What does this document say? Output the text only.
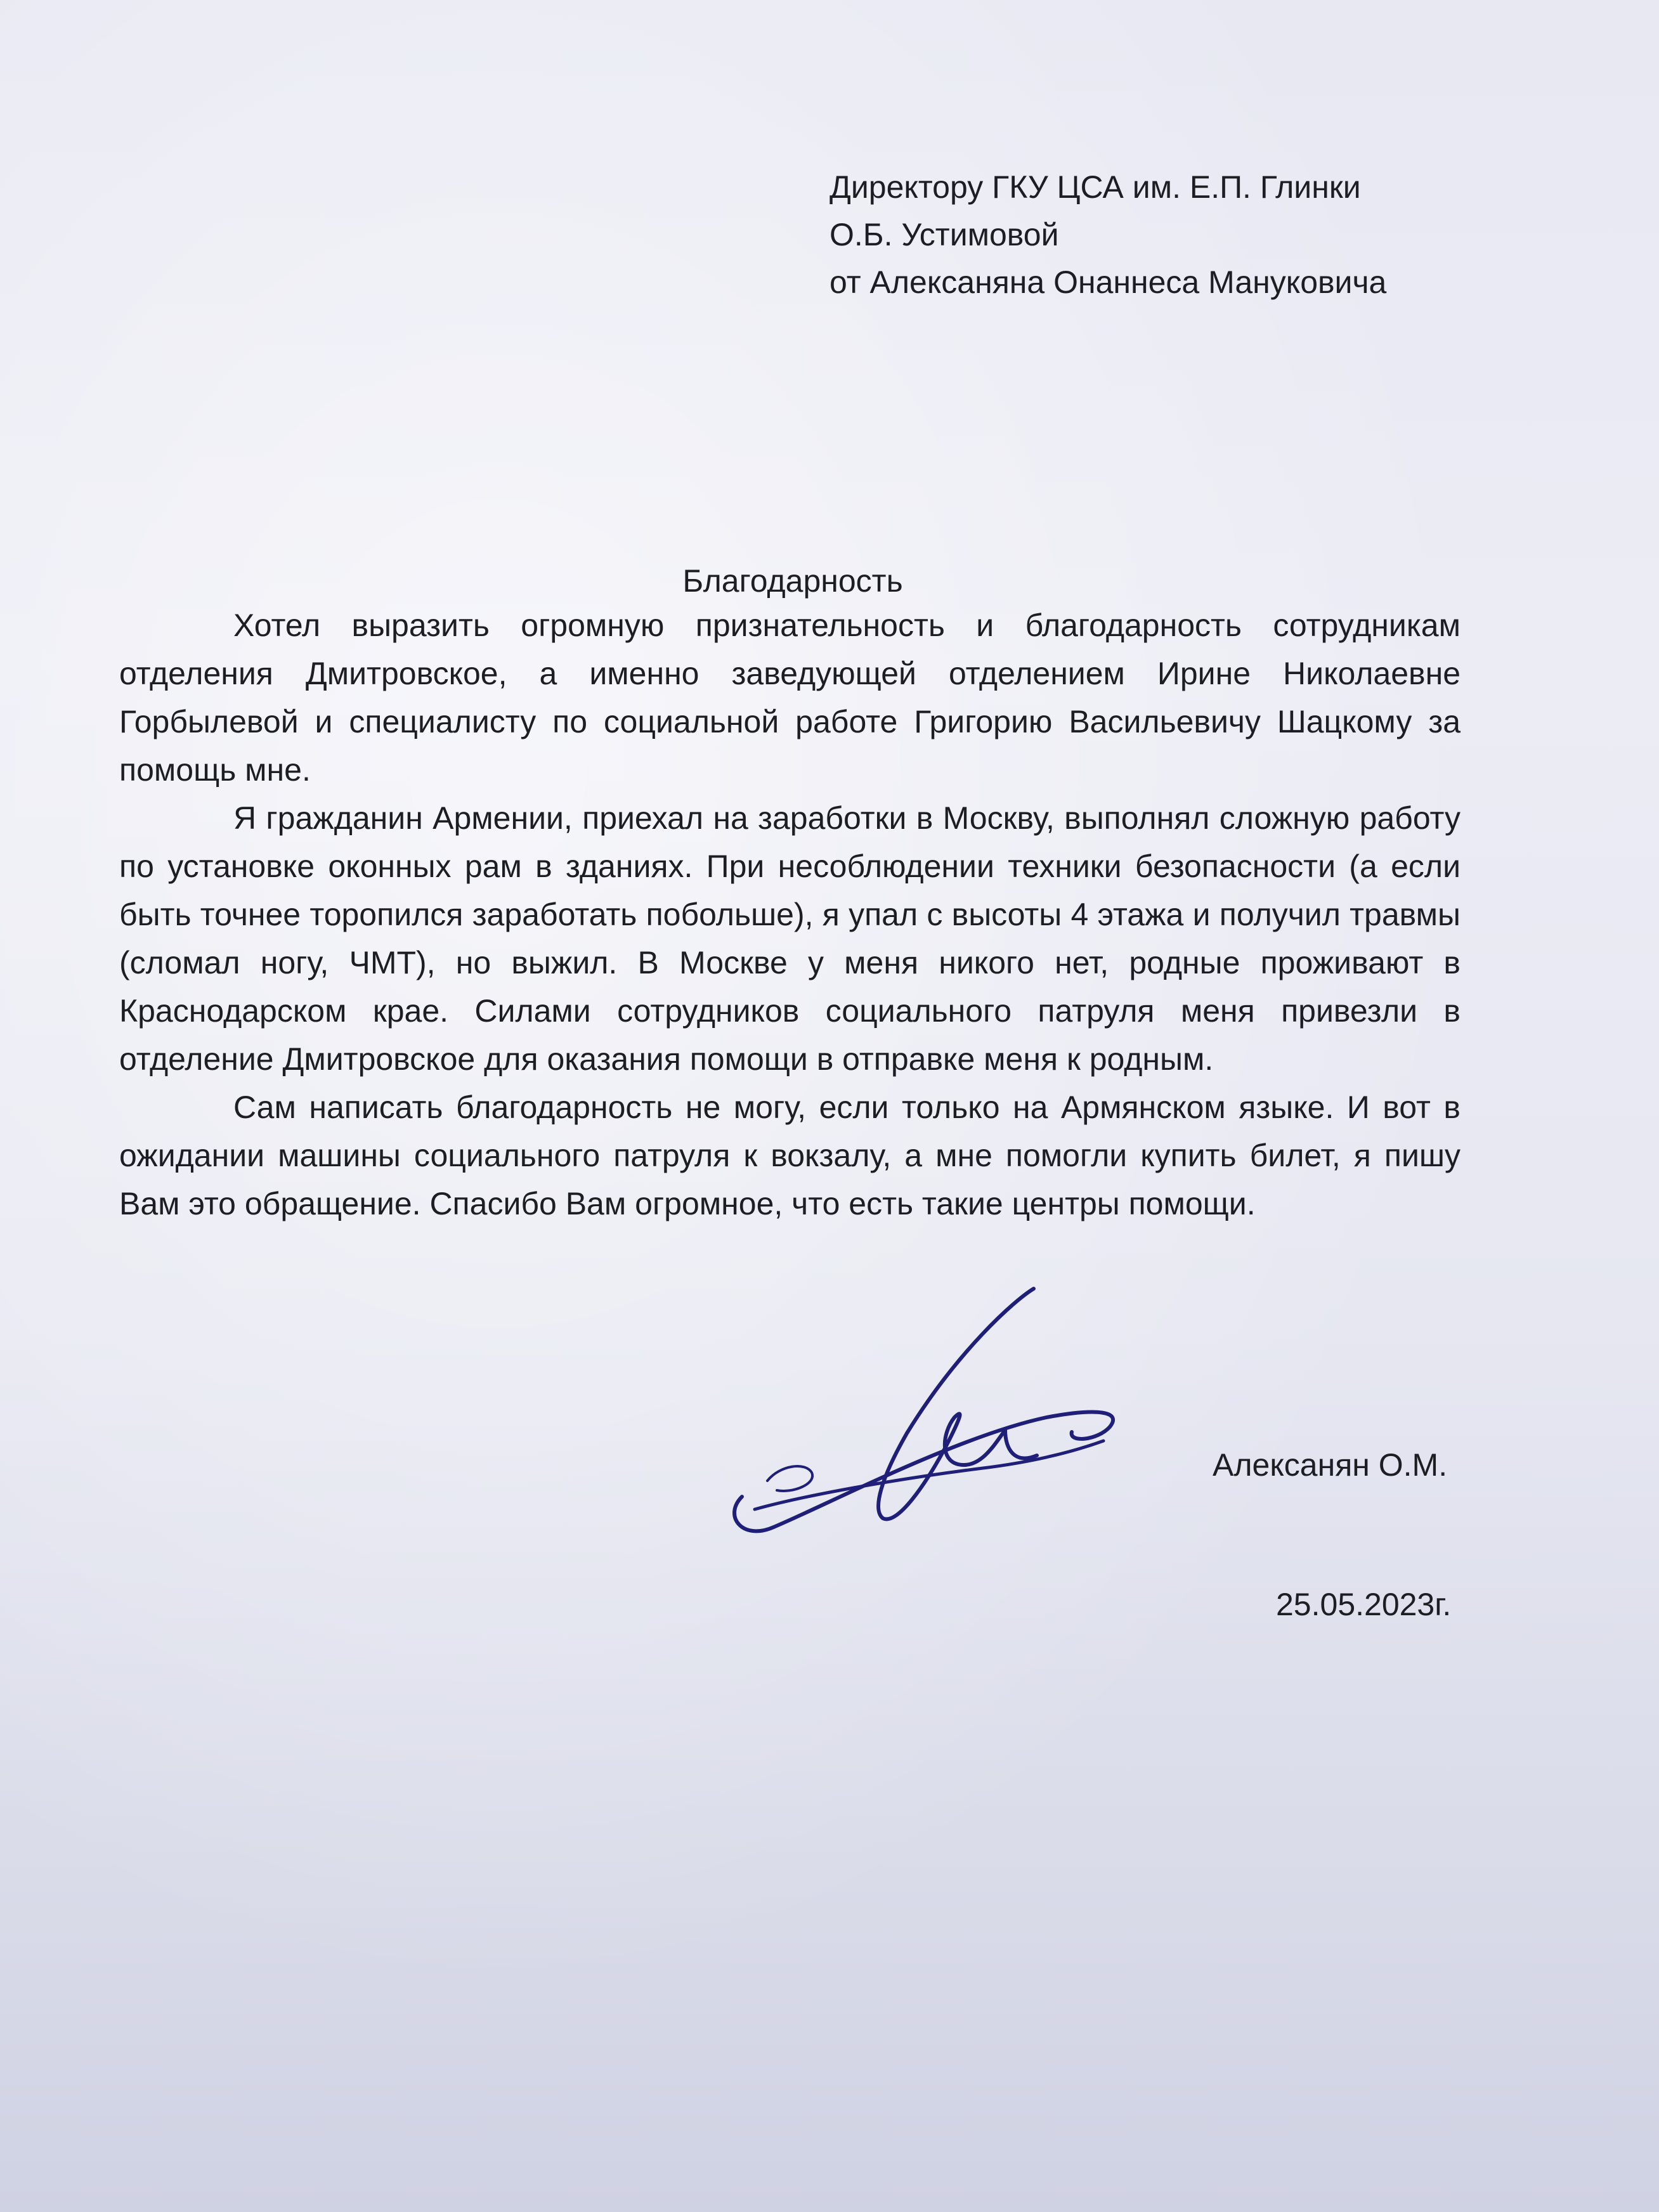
Директору ГКУ ЦСА им. Е.П. Глинки
О.Б. Устимовой
от Алексаняна Онаннеса Мануковича
Благодарность

Хотел выразить огромную признательность и благодарность сотрудникам отделения Дмитровское, а именно заведующей отделением Ирине Николаевне Горбылевой и специалисту по социальной работе Григорию Васильевичу Шацкому за помощь мне.

Я гражданин Армении, приехал на заработки в Москву, выполнял сложную работу по установке оконных рам в зданиях. При несоблюдении техники безопасности (а если быть точнее торопился заработать побольше), я упал с высоты 4 этажа и получил травмы (сломал ногу, ЧМТ), но выжил. В Москве у меня никого нет, родные проживают в Краснодарском крае. Силами сотрудников социального патруля меня привезли в отделение Дмитровское для оказания помощи в отправке меня к родным.

Сам написать благодарность не могу, если только на Армянском языке. И вот в ожидании машины социального патруля к вокзалу, а мне помогли купить билет, я пишу Вам это обращение. Спасибо Вам огромное, что есть такие центры помощи.

Алексанян О.М.
25.05.2023г.
